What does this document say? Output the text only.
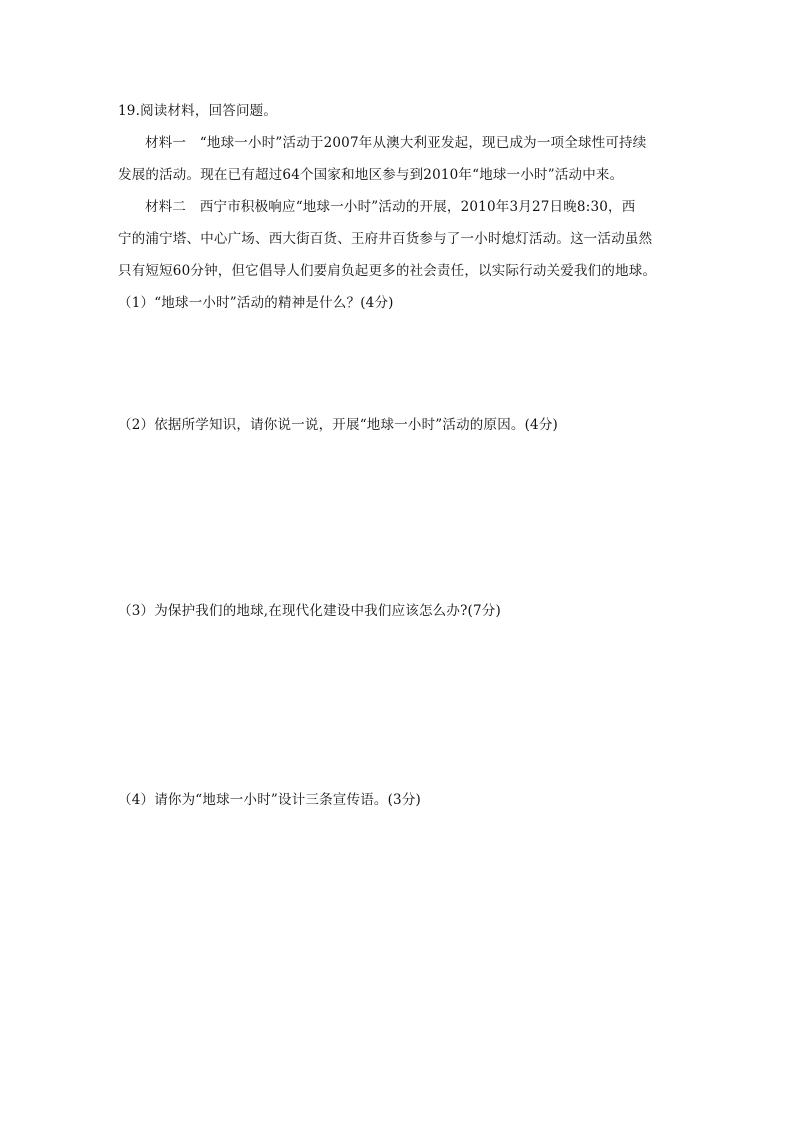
19.阅读材料，回答问题。
材料一　“地球一小时”活动于2007年从澳大利亚发起，现已成为一项全球性可持续
发展的活动。现在已有超过64个国家和地区参与到2010年“地球一小时”活动中来。
材料二　西宁市积极响应“地球一小时”活动的开展，2010年3月27日晚8:30，西
宁的浦宁塔、中心广场、西大街百货、王府井百货参与了一小时熄灯活动。这一活动虽然
只有短短60分钟，但它倡导人们要肩负起更多的社会责任，以实际行动关爱我们的地球。
（1）“地球一小时”活动的精神是什么？(4分)
（2）依据所学知识，请你说一说，开展“地球一小时”活动的原因。(4分)
（3）为保护我们的地球,在现代化建设中我们应该怎么办?(7分)
（4）请你为“地球一小时”设计三条宣传语。(3分)
